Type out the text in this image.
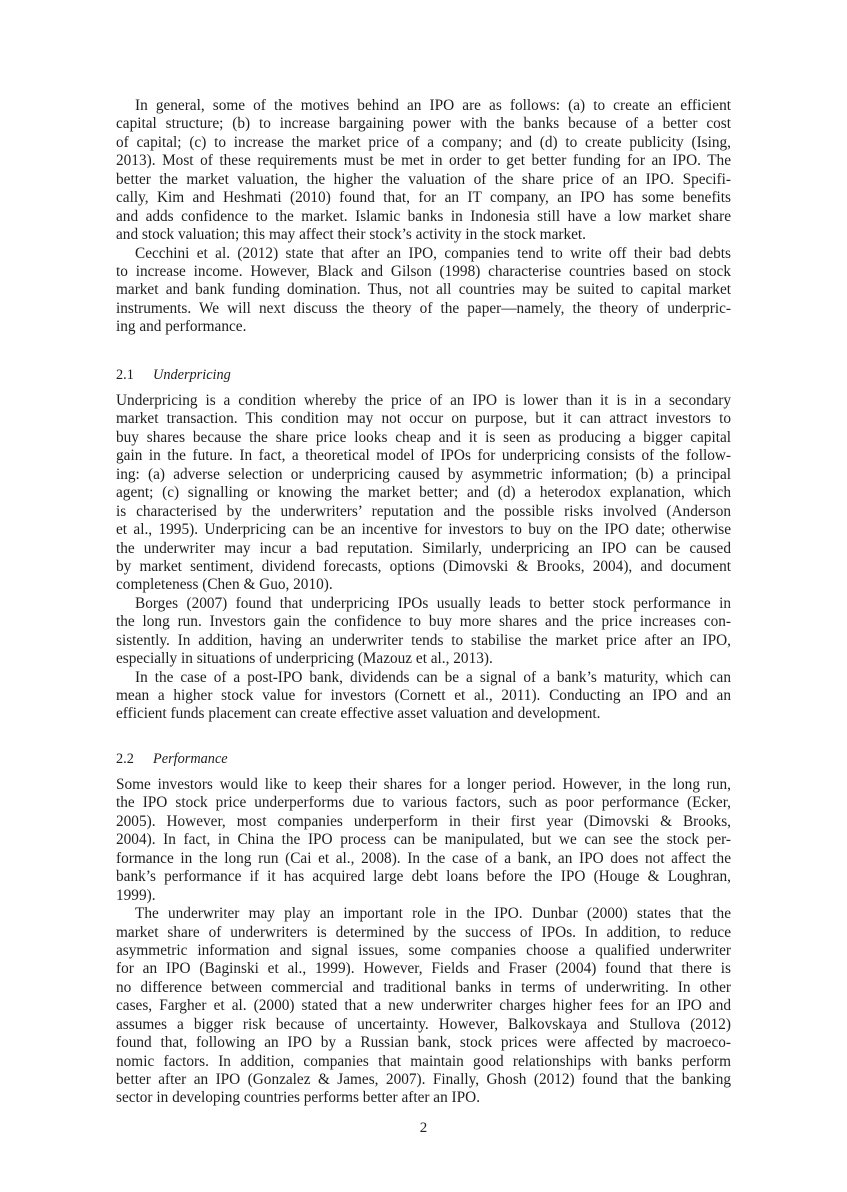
In general, some of the motives behind an IPO are as follows: (a) to create an efficient
capital structure; (b) to increase bargaining power with the banks because of a better cost
of capital; (c) to increase the market price of a company; and (d) to create publicity (Ising,
2013). Most of these requirements must be met in order to get better funding for an IPO. The
better the market valuation, the higher the valuation of the share price of an IPO. Specifi-
cally, Kim and Heshmati (2010) found that, for an IT company, an IPO has some benefits
and adds confidence to the market. Islamic banks in Indonesia still have a low market share
and stock valuation; this may affect their stock’s activity in the stock market.
Cecchini et al. (2012) state that after an IPO, companies tend to write off their bad debts
to increase income. However, Black and Gilson (1998) characterise countries based on stock
market and bank funding domination. Thus, not all countries may be suited to capital market
instruments. We will next discuss the theory of the paper—namely, the theory of underpric-
ing and performance.
2.1 Underpricing
Underpricing is a condition whereby the price of an IPO is lower than it is in a secondary
market transaction. This condition may not occur on purpose, but it can attract investors to
buy shares because the share price looks cheap and it is seen as producing a bigger capital
gain in the future. In fact, a theoretical model of IPOs for underpricing consists of the follow-
ing: (a) adverse selection or underpricing caused by asymmetric information; (b) a principal
agent; (c) signalling or knowing the market better; and (d) a heterodox explanation, which
is characterised by the underwriters’ reputation and the possible risks involved (Anderson
et al., 1995). Underpricing can be an incentive for investors to buy on the IPO date; otherwise
the underwriter may incur a bad reputation. Similarly, underpricing an IPO can be caused
by market sentiment, dividend forecasts, options (Dimovski & Brooks, 2004), and document
completeness (Chen & Guo, 2010).
Borges (2007) found that underpricing IPOs usually leads to better stock performance in
the long run. Investors gain the confidence to buy more shares and the price increases con-
sistently. In addition, having an underwriter tends to stabilise the market price after an IPO,
especially in situations of underpricing (Mazouz et al., 2013).
In the case of a post-IPO bank, dividends can be a signal of a bank’s maturity, which can
mean a higher stock value for investors (Cornett et al., 2011). Conducting an IPO and an
efficient funds placement can create effective asset valuation and development.
2.2 Performance
Some investors would like to keep their shares for a longer period. However, in the long run,
the IPO stock price underperforms due to various factors, such as poor performance (Ecker,
2005). However, most companies underperform in their first year (Dimovski & Brooks,
2004). In fact, in China the IPO process can be manipulated, but we can see the stock per-
formance in the long run (Cai et al., 2008). In the case of a bank, an IPO does not affect the
bank’s performance if it has acquired large debt loans before the IPO (Houge & Loughran,
1999).
The underwriter may play an important role in the IPO. Dunbar (2000) states that the
market share of underwriters is determined by the success of IPOs. In addition, to reduce
asymmetric information and signal issues, some companies choose a qualified underwriter
for an IPO (Baginski et al., 1999). However, Fields and Fraser (2004) found that there is
no difference between commercial and traditional banks in terms of underwriting. In other
cases, Fargher et al. (2000) stated that a new underwriter charges higher fees for an IPO and
assumes a bigger risk because of uncertainty. However, Balkovskaya and Stullova (2012)
found that, following an IPO by a Russian bank, stock prices were affected by macroeco-
nomic factors. In addition, companies that maintain good relationships with banks perform
better after an IPO (Gonzalez & James, 2007). Finally, Ghosh (2012) found that the banking
sector in developing countries performs better after an IPO.
2
